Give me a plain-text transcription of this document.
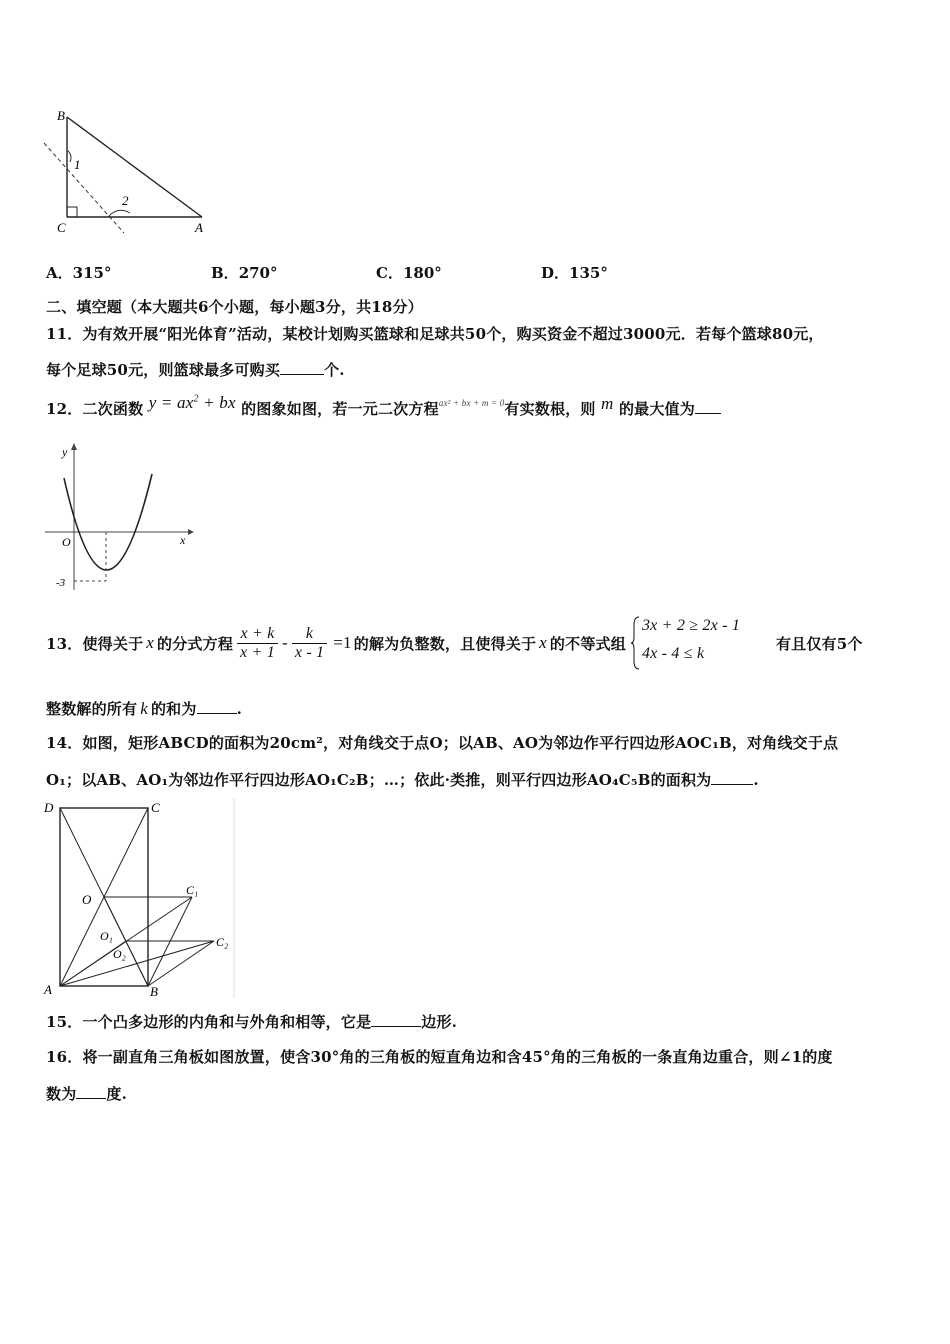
B
C	A
1
2
A．315°	B．270°	C．180°	D．135°
二、填空题（本大题共6个小题，每小题3分，共18分）
11．为有效开展“阳光体育”活动，某校计划购买篮球和足球共50个，购买资金不超过3000元．若每个篮球80元，
每个足球50元，则篮球最多可购买	个.
12．二次函数 $y = ax^2$ + bx 的图象如图，若一元二次方程$^{ax^2 + bx + m = 0}$有实数根，则 m 的最大值为
y
x
O
-3
13．使得关于 x 的分式方程 $\frac{x + k}{x + 1} - \frac{k}{x - 1} =1$ 的解为负整数，且使得关于 x 的不等式组
3x + 2 ≥ 2x - 1
4x - 4 ≤ k
有且仅有5个
整数解的所有 k 的和为	.
14．如图，矩形ABCD的面积为20cm²，对角线交于点O；以AB、AO为邻边作平行四边形AOC₁B，对角线交于点
O₁；以AB、AO₁为邻边作平行四边形AO₁C₂B；…；依此·类推，则平行四边形AO₄C₅B的面积为	.
D	C
O
C₁
O₁
O₂
C₂
A	B
15．一个凸多边形的内角和与外角和相等，它是	边形.
16．将一副直角三角板如图放置，使含30°角的三角板的短直角边和含45°角的三角板的一条直角边重合，则∠1的度
数为 度.
